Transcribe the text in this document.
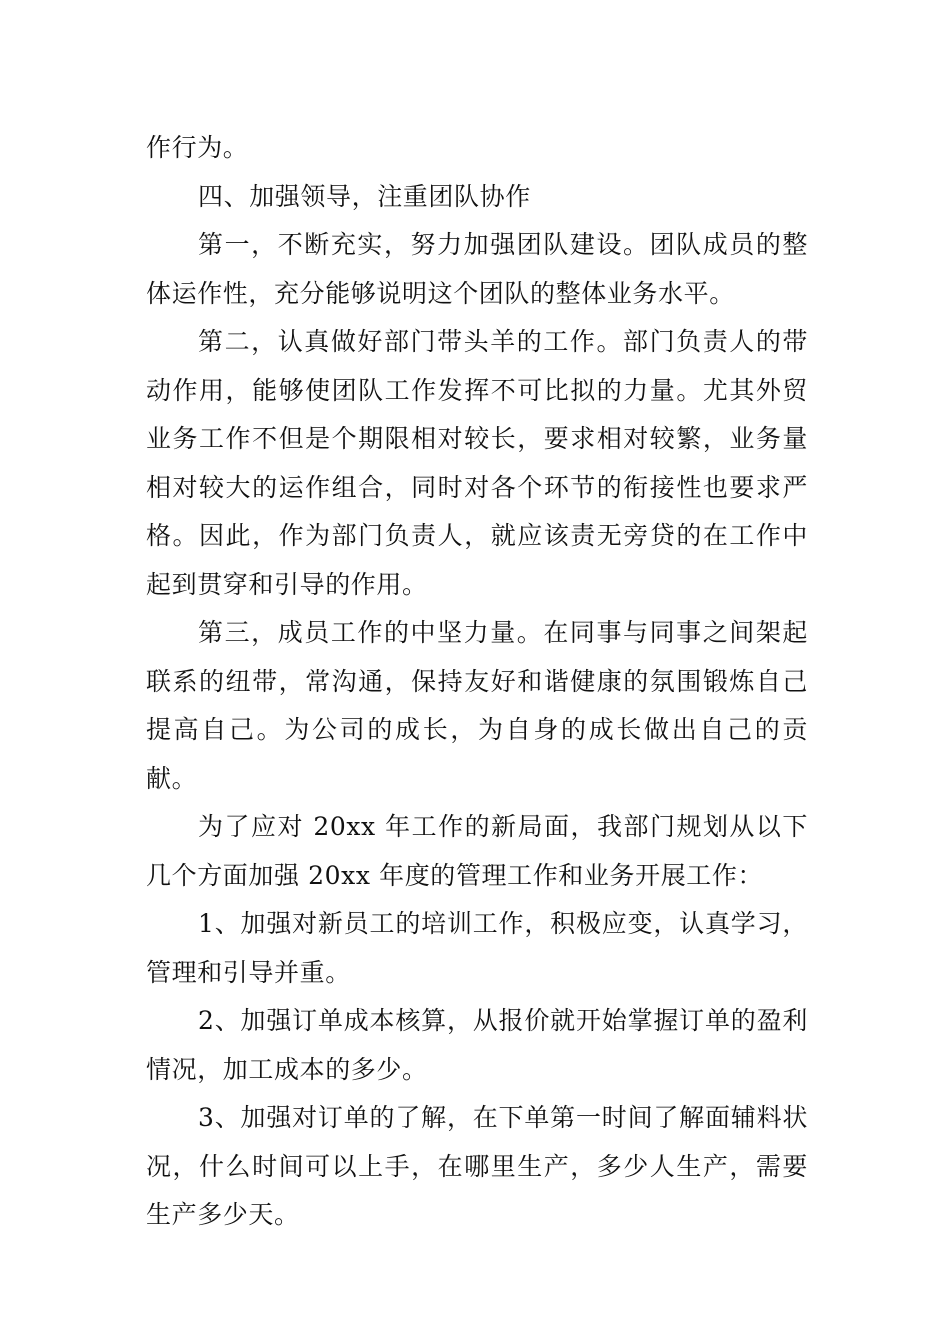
作行为。

四、加强领导，注重团队协作

第一，不断充实，努力加强团队建设。团队成员的整体运作性，充分能够说明这个团队的整体业务水平。

第二，认真做好部门带头羊的工作。部门负责人的带动作用，能够使团队工作发挥不可比拟的力量。尤其外贸业务工作不但是个期限相对较长，要求相对较繁，业务量相对较大的运作组合，同时对各个环节的衔接性也要求严格。因此，作为部门负责人，就应该责无旁贷的在工作中起到贯穿和引导的作用。

第三，成员工作的中坚力量。在同事与同事之间架起联系的纽带，常沟通，保持友好和谐健康的氛围锻炼自己提高自己。为公司的成长，为自身的成长做出自己的贡献。

为了应对 20xx 年工作的新局面，我部门规划从以下几个方面加强 20xx 年度的管理工作和业务开展工作：

1、加强对新员工的培训工作，积极应变，认真学习，管理和引导并重。

2、加强订单成本核算，从报价就开始掌握订单的盈利情况，加工成本的多少。

3、加强对订单的了解，在下单第一时间了解面辅料状况，什么时间可以上手，在哪里生产，多少人生产，需要生产多少天。
